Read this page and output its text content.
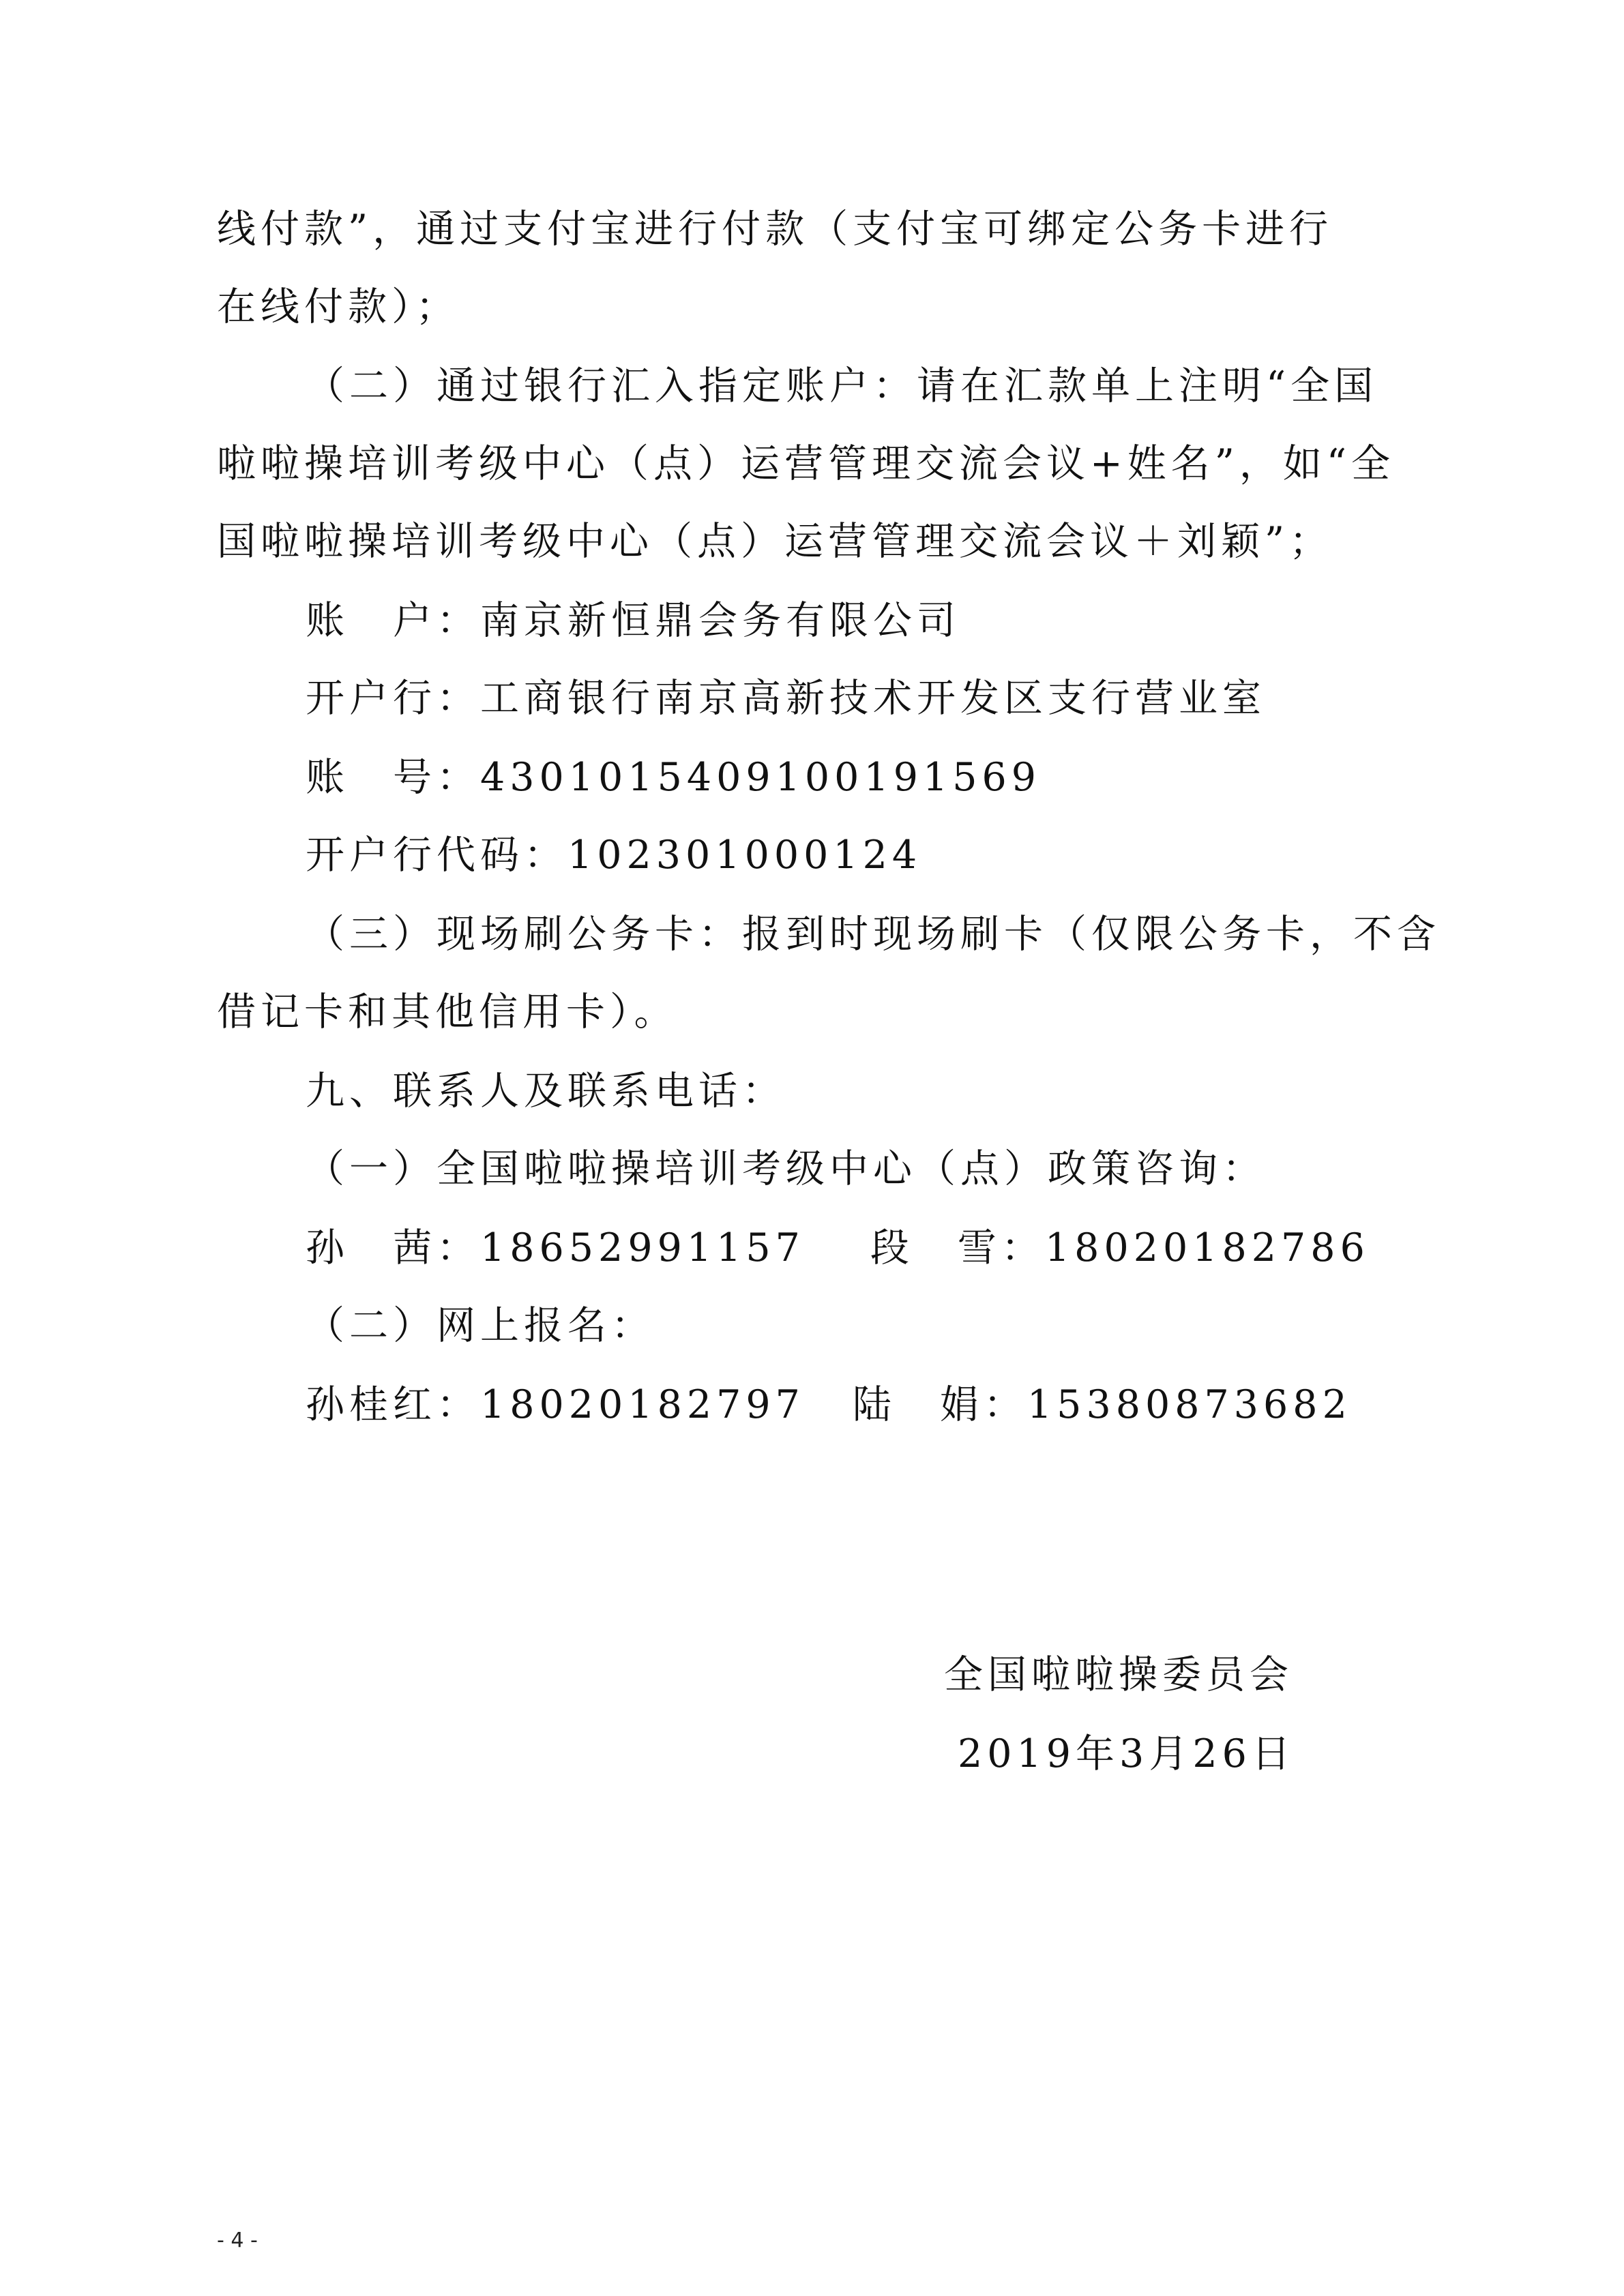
线付款”，通过支付宝进行付款（支付宝可绑定公务卡进行
在线付款）；
（二）通过银行汇入指定账户：请在汇款单上注明“全国
啦啦操培训考级中心（点）运营管理交流会议+姓名”，如“全
国啦啦操培训考级中心（点）运营管理交流会议＋刘颖”；
账　户：南京新恒鼎会务有限公司
开户行：工商银行南京高新技术开发区支行营业室
账　号：4301015409100191569
开户行代码：102301000124
（三）现场刷公务卡：报到时现场刷卡（仅限公务卡，不含
借记卡和其他信用卡）。
九、联系人及联系电话：
（一）全国啦啦操培训考级中心（点）政策咨询：
孙　茜：18652991157 段　雪：18020182786
（二）网上报名：
孙桂红：18020182797 陆　娟：15380873682
全国啦啦操委员会
2019年3月26日
- 4 -
